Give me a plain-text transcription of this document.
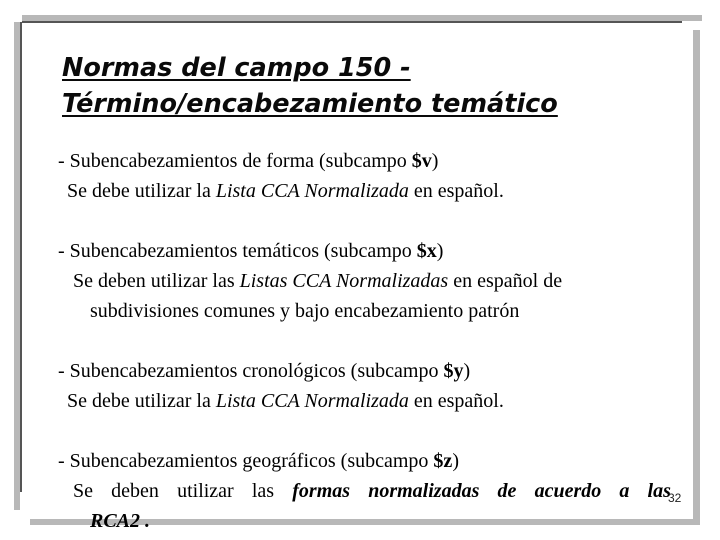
Normas del campo 150 -
Término/encabezamiento temático
- Subencabezamientos de forma (subcampo $v)
Se debe utilizar la Lista CCA Normalizada en español.
- Subencabezamientos temáticos (subcampo $x)
Se deben utilizar las Listas CCA Normalizadas en español de
subdivisiones comunes y bajo encabezamiento patrón
- Subencabezamientos cronológicos (subcampo $y)
Se debe utilizar la Lista CCA Normalizada en español.
- Subencabezamientos geográficos (subcampo $z)
Se deben utilizar las formas normalizadas de acuerdo a las
RCA2 .
32
